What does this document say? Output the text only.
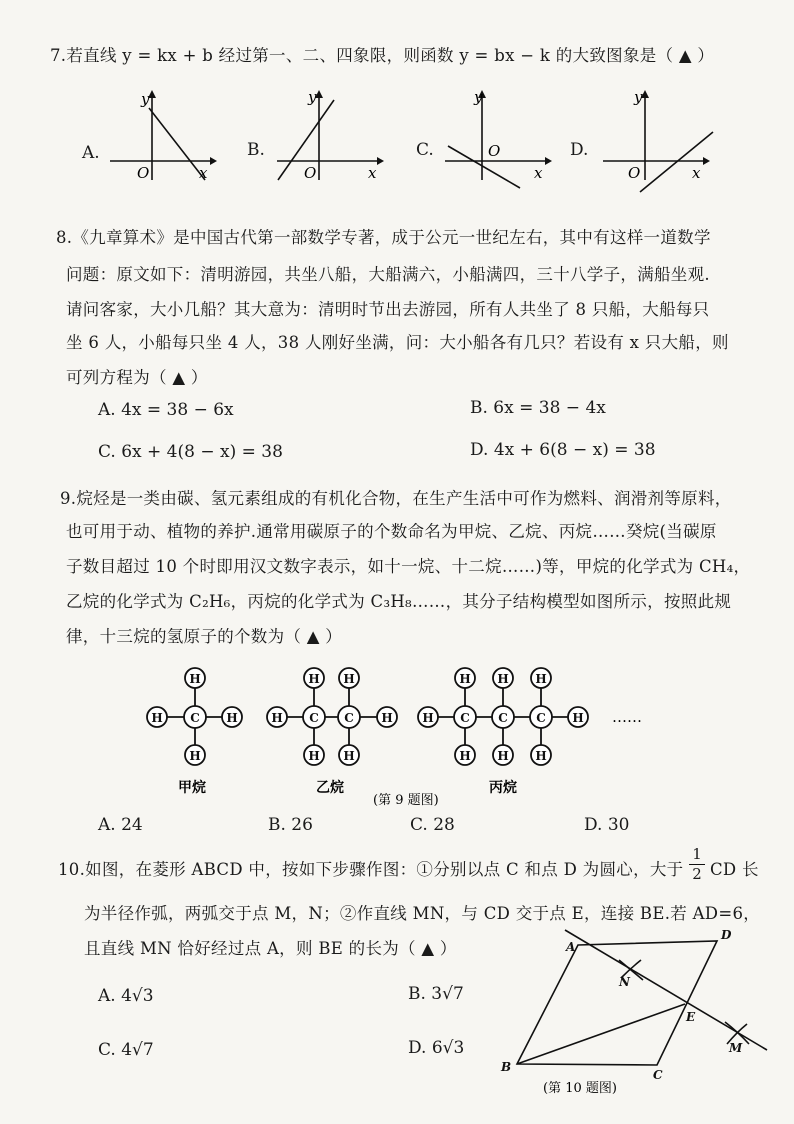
7.若直线 y = kx + b 经过第一、二、四象限，则函数 y = bx − k 的大致图象是（ ▲ ）
A.	B.	C.	D.
y
x
O
y
x
O
y
x
O
y
x
O
8.《九章算术》是中国古代第一部数学专著，成于公元一世纪左右，其中有这样一道数学
问题：原文如下：清明游园，共坐八船，大船满六，小船满四，三十八学子，满船坐观.
请问客家，大小几船？其大意为：清明时节出去游园，所有人共坐了 8 只船，大船每只
坐 6 人，小船每只坐 4 人，38 人刚好坐满，问：大小船各有几只？若设有 x 只大船，则
可列方程为（ ▲ ）
A. 4x = 38 − 6x	B. 6x = 38 − 4x
C. 6x + 4(8 − x) = 38	D. 4x + 6(8 − x) = 38
9.烷烃是一类由碳、氢元素组成的有机化合物，在生产生活中可作为燃料、润滑剂等原料，
也可用于动、植物的养护.通常用碳原子的个数命名为甲烷、乙烷、丙烷……癸烷(当碳原
子数目超过 10 个时即用汉文数字表示，如十一烷、十二烷……)等，甲烷的化学式为 CH₄，
乙烷的化学式为 C₂H₆，丙烷的化学式为 C₃H₈……，其分子结构模型如图所示，按照此规
律，十三烷的氢原子的个数为（ ▲ ）
C
H
H
H	H	C C
H H
H H
H	H	C C C
H H H
H H H
H	H ……
甲烷	乙烷	丙烷
(第 9 题图)
A. 24	B. 26	C. 28	D. 30
10.如图，在菱形 ABCD 中，按如下步骤作图：①分别以点 C 和点 D 为圆心，大于 $\frac{1}{2}$ CD 长
为半径作弧，两弧交于点 M，N；②作直线 MN，与 CD 交于点 E，连接 BE.若 AD=6，
且直线 MN 恰好经过点 A，则 BE 的长为（ ▲ ）
A. 4√3	B. 3√7
C. 4√7	D. 6√3
A
D
E
N
M
B
C
(第 10 题图)
